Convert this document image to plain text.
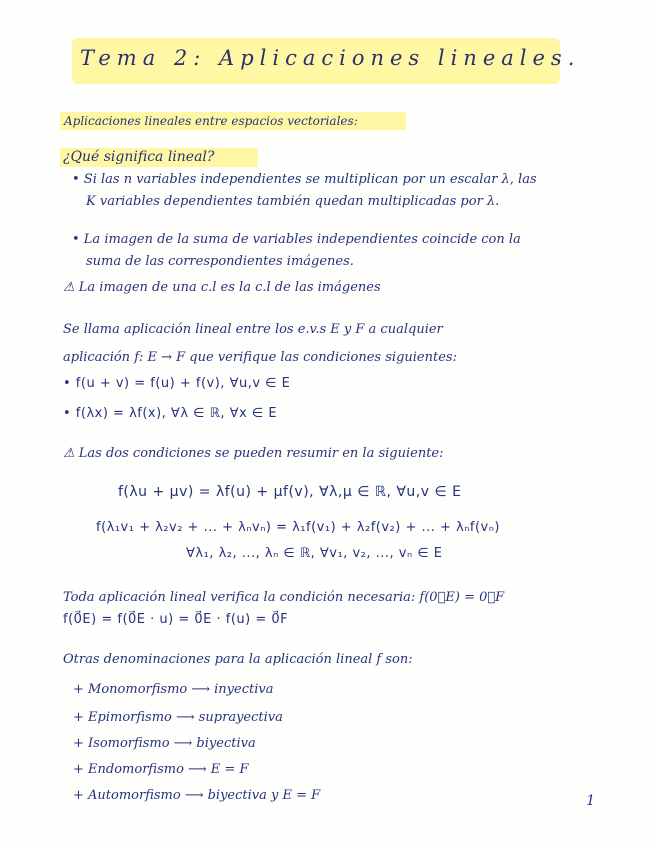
Tema 2: Aplicaciones lineales.
Aplicaciones lineales entre espacios vectoriales:
¿Qué significa lineal?
• Si las n variables independientes se multiplican por un escalar λ, las
K variables dependientes también quedan multiplicadas por λ.
• La imagen de la suma de variables independientes coincide con la
suma de las correspondientes imágenes.
⚠ La imagen de una c.l es la c.l de las imágenes
Se llama aplicación lineal entre los e.v.s E y F a cualquier
aplicación f: E → F que verifique las condiciones siguientes:
• f(u + v) = f(u) + f(v), ∀u,v ∈ E
• f(λx) = λf(x), ∀λ ∈ ℝ, ∀x ∈ E
⚠ Las dos condiciones se pueden resumir en la siguiente:
f(λu + μv) = λf(u) + μf(v), ∀λ,μ ∈ ℝ, ∀u,v ∈ E
f(λ₁v₁ + λ₂v₂ + ... + λₙvₙ) = λ₁f(v₁) + λ₂f(v₂) + ... + λₙf(vₙ)
∀λ₁, λ₂, ..., λₙ ∈ ℝ, ∀v₁, v₂, ..., vₙ ∈ E
Toda aplicación lineal verifica la condición necesaria: f(0⃗E) = 0⃗F
f(0⃗E) = f(0⃗E · u) = 0⃗E · f(u) = 0⃗F
Otras denominaciones para la aplicación lineal f son:
+ Monomorfismo ⟶ inyectiva
+ Epimorfismo ⟶ suprayectiva
+ Isomorfismo ⟶ biyectiva
+ Endomorfismo ⟶ E = F
+ Automorfismo ⟶ biyectiva y E = F	1
